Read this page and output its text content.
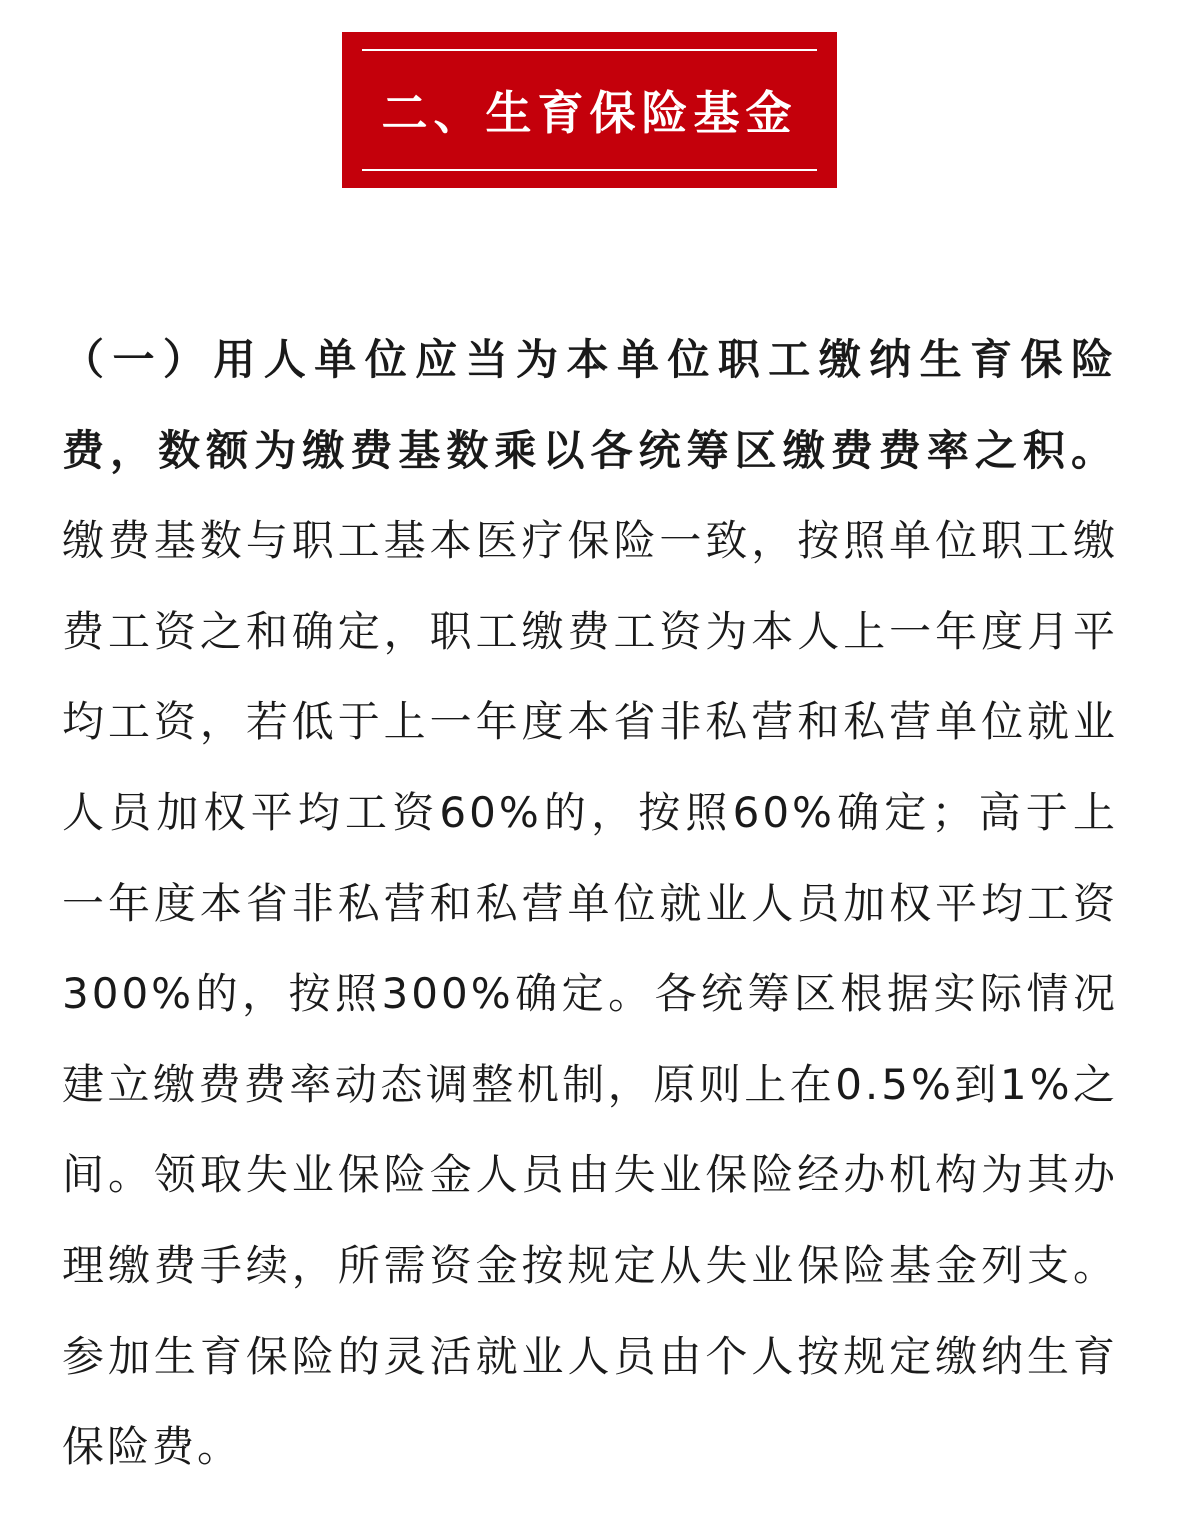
二、生育保险基金

（一）用人单位应当为本单位职工缴纳生育保险费，数额为缴费基数乘以各统筹区缴费费率之积。缴费基数与职工基本医疗保险一致，按照单位职工缴费工资之和确定，职工缴费工资为本人上一年度月平均工资，若低于上一年度本省非私营和私营单位就业人员加权平均工资60%的，按照60%确定；高于上一年度本省非私营和私营单位就业人员加权平均工资300%的，按照300%确定。各统筹区根据实际情况建立缴费费率动态调整机制，原则上在0.5%到1%之间。领取失业保险金人员由失业保险经办机构为其办理缴费手续，所需资金按规定从失业保险基金列支。参加生育保险的灵活就业人员由个人按规定缴纳生育保险费。
